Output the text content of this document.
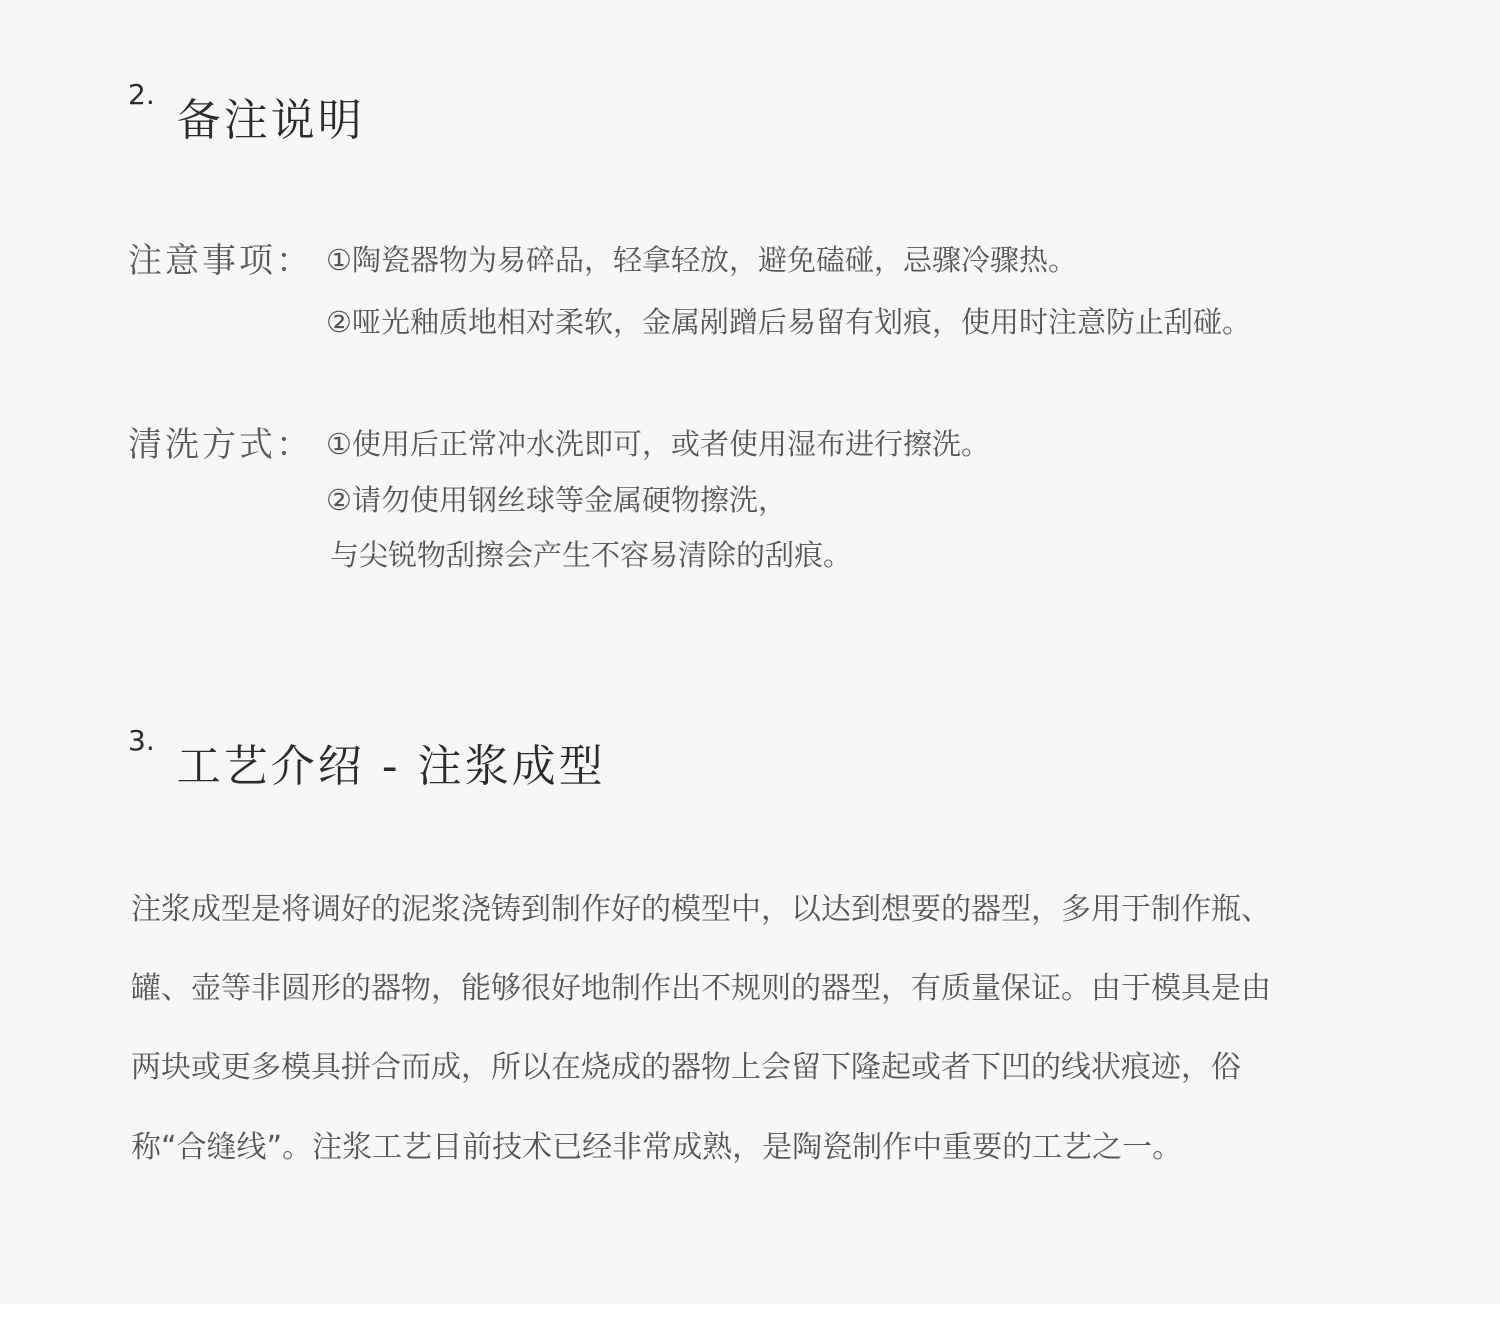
2.备注说明
注意事项： ①陶瓷器物为易碎品，轻拿轻放，避免磕碰，忌骤冷骤热。
②哑光釉质地相对柔软，金属剐蹭后易留有划痕，使用时注意防止刮碰。
清洗方式： ①使用后正常冲水洗即可，或者使用湿布进行擦洗。
②请勿使用钢丝球等金属硬物擦洗，
与尖锐物刮擦会产生不容易清除的刮痕。
3.工艺介绍 - 注浆成型
注浆成型是将调好的泥浆浇铸到制作好的模型中，以达到想要的器型，多用于制作瓶、
罐、壶等非圆形的器物，能够很好地制作出不规则的器型，有质量保证。由于模具是由
两块或更多模具拼合而成，所以在烧成的器物上会留下隆起或者下凹的线状痕迹，俗
称“合缝线”。注浆工艺目前技术已经非常成熟，是陶瓷制作中重要的工艺之一。
